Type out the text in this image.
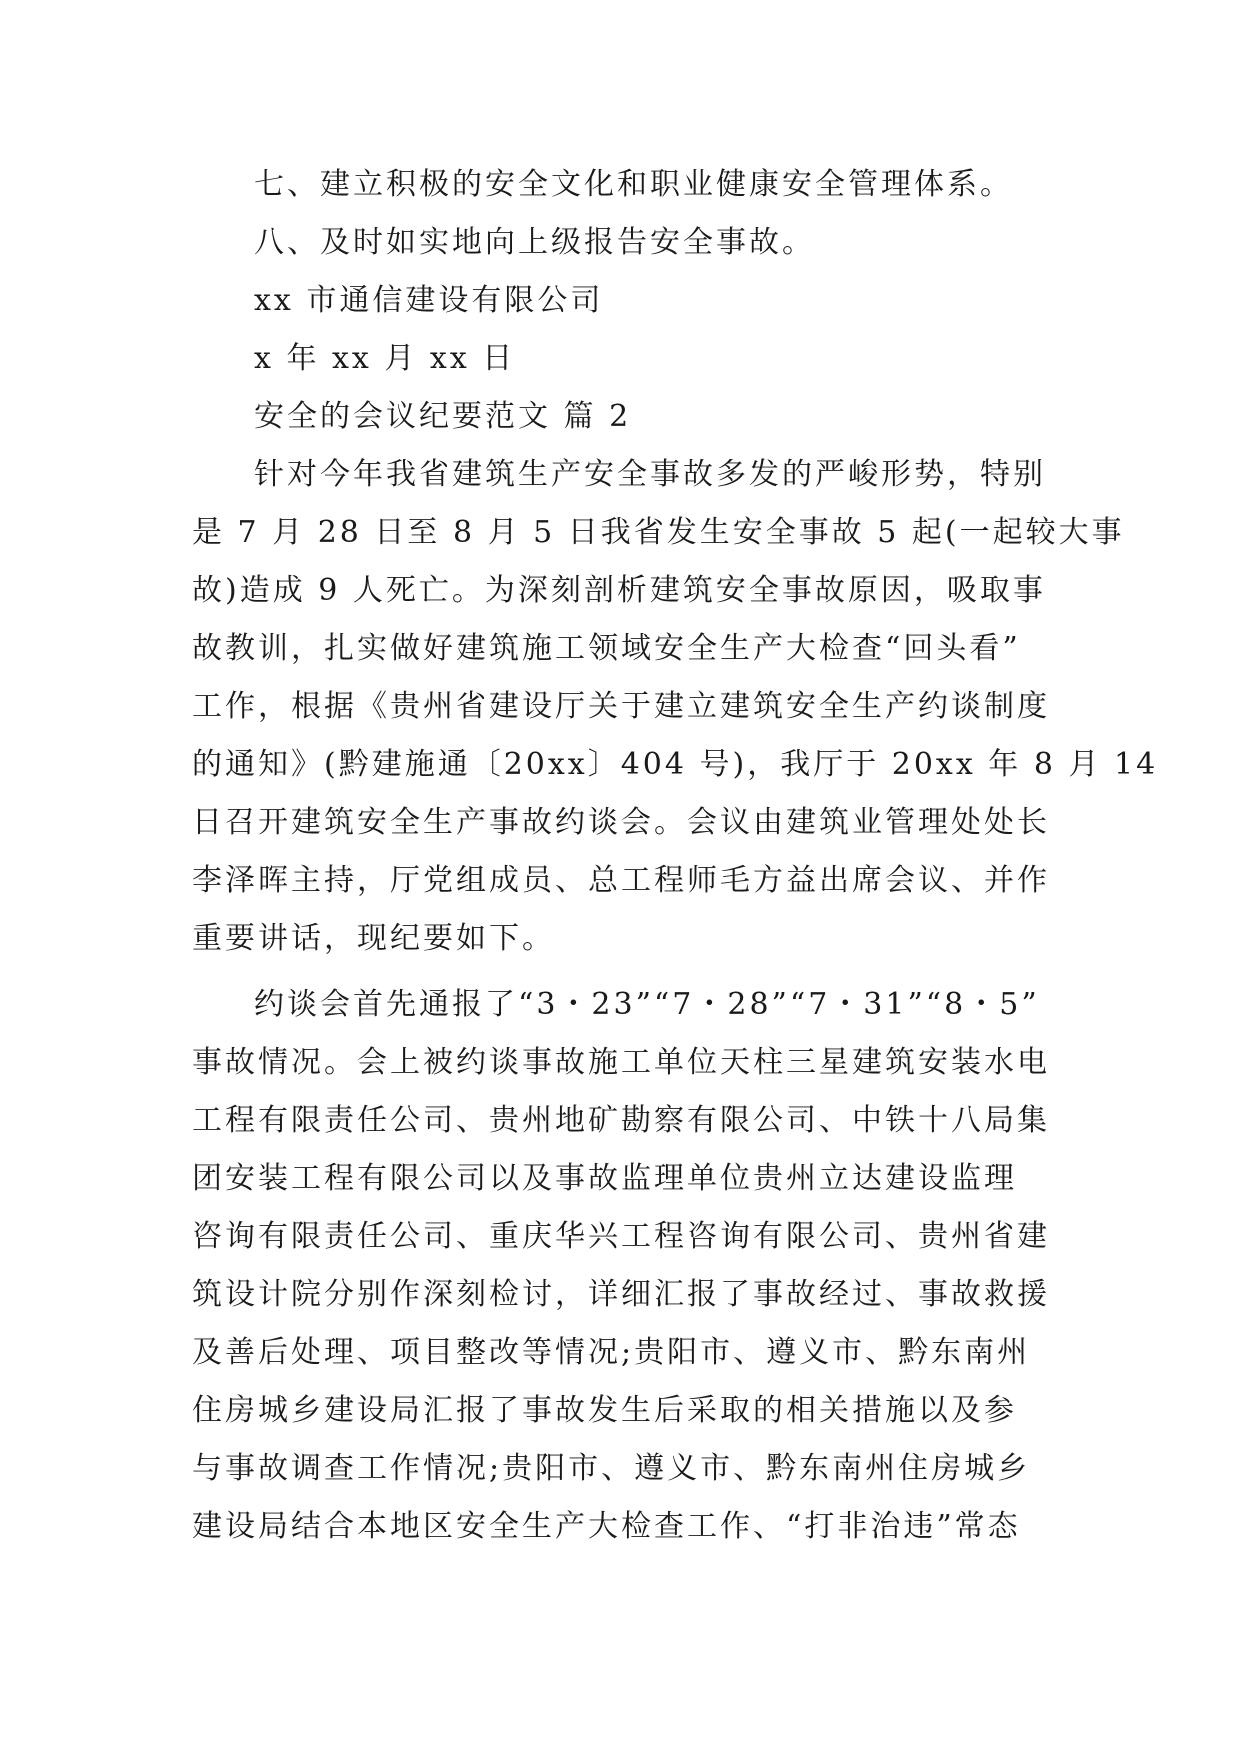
七、建立积极的安全文化和职业健康安全管理体系。
八、及时如实地向上级报告安全事故。
xx 市通信建设有限公司
x 年 xx 月 xx 日
安全的会议纪要范文 篇 2
针对今年我省建筑生产安全事故多发的严峻形势，特别
是 7 月 28 日至 8 月 5 日我省发生安全事故 5 起(一起较大事
故)造成 9 人死亡。为深刻剖析建筑安全事故原因，吸取事
故教训，扎实做好建筑施工领域安全生产大检查“回头看”
工作，根据《贵州省建设厅关于建立建筑安全生产约谈制度
的通知》(黔建施通〔20xx〕404 号)，我厅于 20xx 年 8 月 14
日召开建筑安全生产事故约谈会。会议由建筑业管理处处长
李泽晖主持，厅党组成员、总工程师毛方益出席会议、并作
重要讲话，现纪要如下。
约谈会首先通报了“3・23”“7・28”“7・31”“8・5”
事故情况。会上被约谈事故施工单位天柱三星建筑安装水电
工程有限责任公司、贵州地矿勘察有限公司、中铁十八局集
团安装工程有限公司以及事故监理单位贵州立达建设监理
咨询有限责任公司、重庆华兴工程咨询有限公司、贵州省建
筑设计院分别作深刻检讨，详细汇报了事故经过、事故救援
及善后处理、项目整改等情况;贵阳市、遵义市、黔东南州
住房城乡建设局汇报了事故发生后采取的相关措施以及参
与事故调查工作情况;贵阳市、遵义市、黔东南州住房城乡
建设局结合本地区安全生产大检查工作、“打非治违”常态
